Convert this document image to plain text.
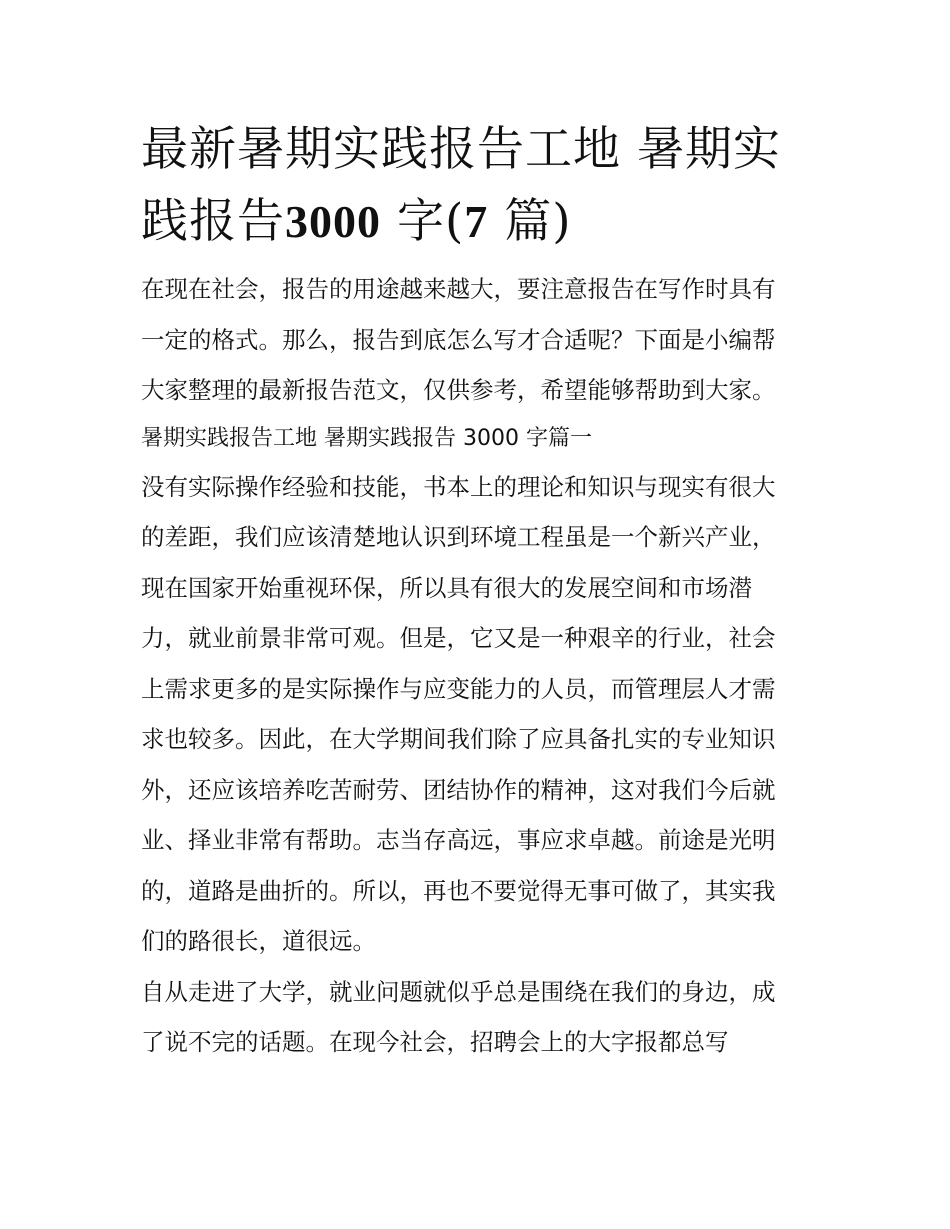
最新暑期实践报告工地 暑期实
践报告3000 字(7 篇)

在现在社会，报告的用途越来越大，要注意报告在写作时具有
一定的格式。那么，报告到底怎么写才合适呢？下面是小编帮
大家整理的最新报告范文，仅供参考，希望能够帮助到大家。

暑期实践报告工地 暑期实践报告 3000 字篇一

没有实际操作经验和技能，书本上的理论和知识与现实有很大
的差距，我们应该清楚地认识到环境工程虽是一个新兴产业，
现在国家开始重视环保，所以具有很大的发展空间和市场潜
力，就业前景非常可观。但是，它又是一种艰辛的行业，社会
上需求更多的是实际操作与应变能力的人员，而管理层人才需
求也较多。因此，在大学期间我们除了应具备扎实的专业知识
外，还应该培养吃苦耐劳、团结协作的精神，这对我们今后就
业、择业非常有帮助。志当存高远，事应求卓越。前途是光明
的，道路是曲折的。所以，再也不要觉得无事可做了，其实我
们的路很长，道很远。

自从走进了大学，就业问题就似乎总是围绕在我们的身边，成
了说不完的话题。在现今社会，招聘会上的大字报都总写
